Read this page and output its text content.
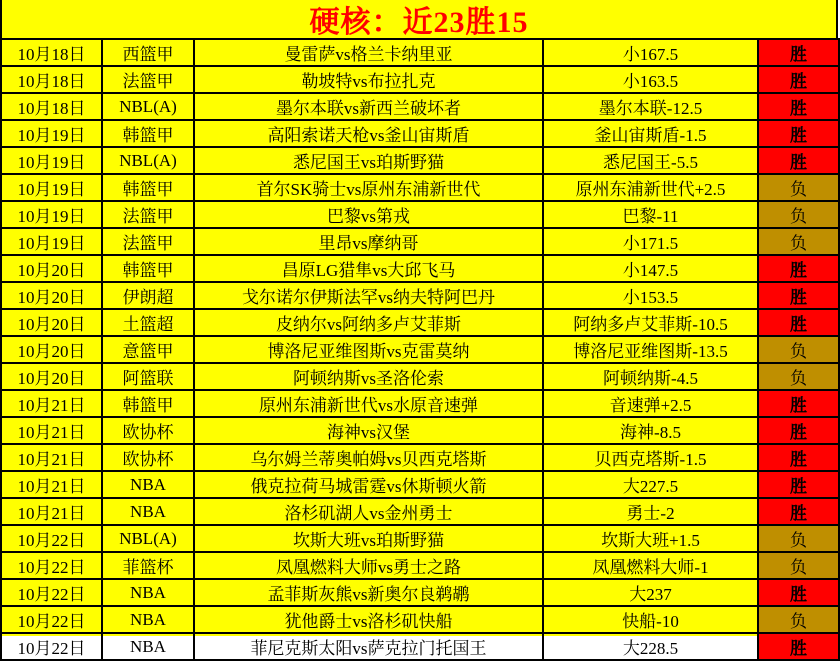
硬核：近23胜15
10月18日	西篮甲	曼雷萨vs格兰卡纳里亚	小167.5	胜
10月18日	法篮甲	勒坡特vs布拉扎克	小163.5	胜
10月18日	NBL(A)	墨尔本联vs新西兰破坏者	墨尔本联-12.5	胜
10月19日	韩篮甲	高阳索诺天枪vs釜山宙斯盾	釜山宙斯盾-1.5	胜
10月19日	NBL(A)	悉尼国王vs珀斯野猫	悉尼国王-5.5	胜
10月19日	韩篮甲	首尔SK骑士vs原州东浦新世代	原州东浦新世代+2.5	负
10月19日	法篮甲	巴黎vs第戎	巴黎-11	负
10月19日	法篮甲	里昂vs摩纳哥	小171.5	负
10月20日	韩篮甲	昌原LG猎隼vs大邱飞马	小147.5	胜
10月20日	伊朗超	戈尔诺尔伊斯法罕vs纳夫特阿巴丹	小153.5	胜
10月20日	土篮超	皮纳尔vs阿纳多卢艾菲斯	阿纳多卢艾菲斯-10.5	胜
10月20日	意篮甲	博洛尼亚维图斯vs克雷莫纳	博洛尼亚维图斯-13.5	负
10月20日	阿篮联	阿顿纳斯vs圣洛伦索	阿顿纳斯-4.5	负
10月21日	韩篮甲	原州东浦新世代vs水原音速弹	音速弹+2.5	胜
10月21日	欧协杯	海神vs汉堡	海神-8.5	胜
10月21日	欧协杯	乌尔姆兰蒂奥帕姆vs贝西克塔斯	贝西克塔斯-1.5	胜
10月21日	NBA	俄克拉荷马城雷霆vs休斯顿火箭	大227.5	胜
10月21日	NBA	洛杉矶湖人vs金州勇士	勇士-2	胜
10月22日	NBL(A)	坎斯大班vs珀斯野猫	坎斯大班+1.5	负
10月22日	菲篮杯	凤凰燃料大师vs勇士之路	凤凰燃料大师-1	负
10月22日	NBA	孟菲斯灰熊vs新奥尔良鹈鹕	大237	胜
10月22日	NBA	犹他爵士vs洛杉矶快船	快船-10	负
10月22日	NBA	菲尼克斯太阳vs萨克拉门托国王	大228.5	胜
